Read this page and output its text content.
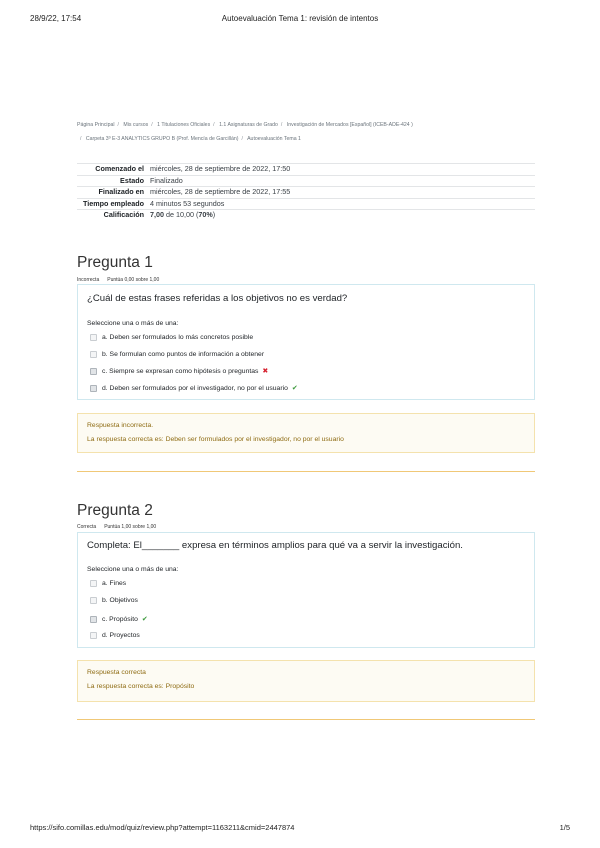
28/9/22, 17:54	Autoevaluación Tema 1: revisión de intentos
Página Principal / Mis cursos / 1 Titulaciones Oficiales / 1.1 Asignaturas de Grado / Investigación de Mercados [Español] (ICEB-ADE-424 )
/ Carpeta 3º E-3 ANALYTICS GRUPO B (Prof. Mencía de Garcillán) / Autoevaluación Tema 1
Comenzado el	miércoles, 28 de septiembre de 2022, 17:50
Estado	Finalizado
Finalizado en	miércoles, 28 de septiembre de 2022, 17:55
Tiempo empleado	4 minutos 53 segundos
Calificación	7,00 de 10,00 (70%)
Pregunta 1
Incorrecta Puntúa 0,00 sobre 1,00
¿Cuál de estas frases referidas a los objetivos no es verdad?
Seleccione una o más de una:
a. Deben ser formulados lo más concretos posible
b. Se formulan como puntos de información a obtener
c. Siempre se expresan como hipótesis o preguntas ✖
d. Deben ser formulados por el investigador, no por el usuario ✔
Respuesta incorrecta.
La respuesta correcta es: Deben ser formulados por el investigador, no por el usuario
Pregunta 2
Correcta Puntúa 1,00 sobre 1,00
Completa: El_______ expresa en términos amplios para qué va a servir la investigación.
Seleccione una o más de una:
a. Fines
b. Objetivos
c. Propósito ✔
d. Proyectos
Respuesta correcta
La respuesta correcta es: Propósito
https://sifo.comillas.edu/mod/quiz/review.php?attempt=1163211&cmid=2447874	1/5
